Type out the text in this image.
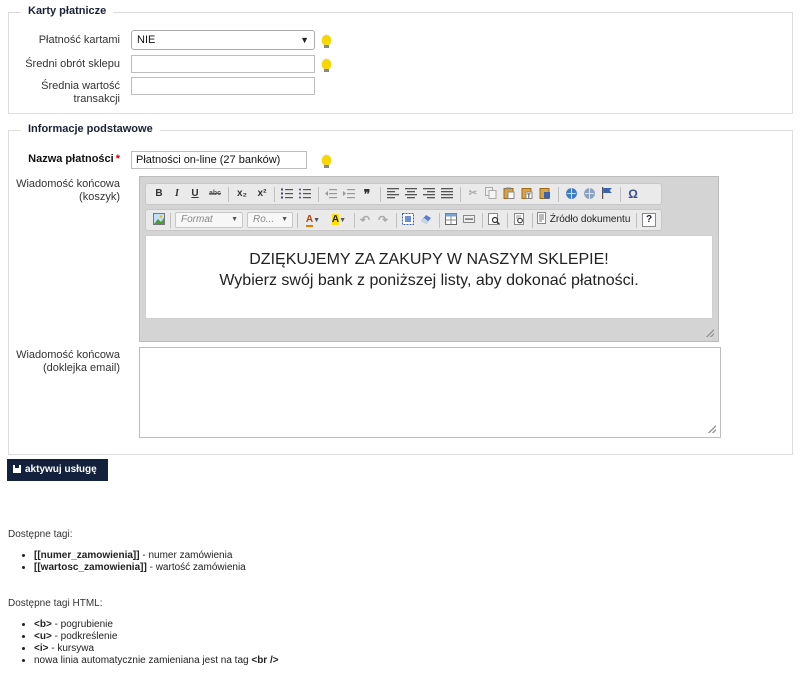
Karty płatnicze
Płatność kartami	NIE	▼
Średni obrót sklepu
Średnia wartość
transakcji
Informacje podstawowe
Nazwa płatności *	Płatności on-line (27 banków)
Wiadomość końcowa
(koszyk)	B	I	U	abc x₂	x²	❞	✂	T	Ω
Format	▼	Ro... ▼	A▼	A▼	↶ ↷	Źródło dokumentu	?
DZIĘKUJEMY ZA ZAKUPY W NASZYM SKLEPIE!
Wybierz swój bank z poniższej listy, aby dokonać płatności.
Wiadomość końcowa
(doklejka email)
aktywuj usługę
Dostępne tagi:
• [[numer_zamowienia]] - numer zamówienia
• [[wartosc_zamowienia]] - wartość zamówienia
Dostępne tagi HTML:
• <b> - pogrubienie
• <u> - podkreślenie
• <i> - kursywa
• nowa linia automatycznie zamieniana jest na tag <br />
